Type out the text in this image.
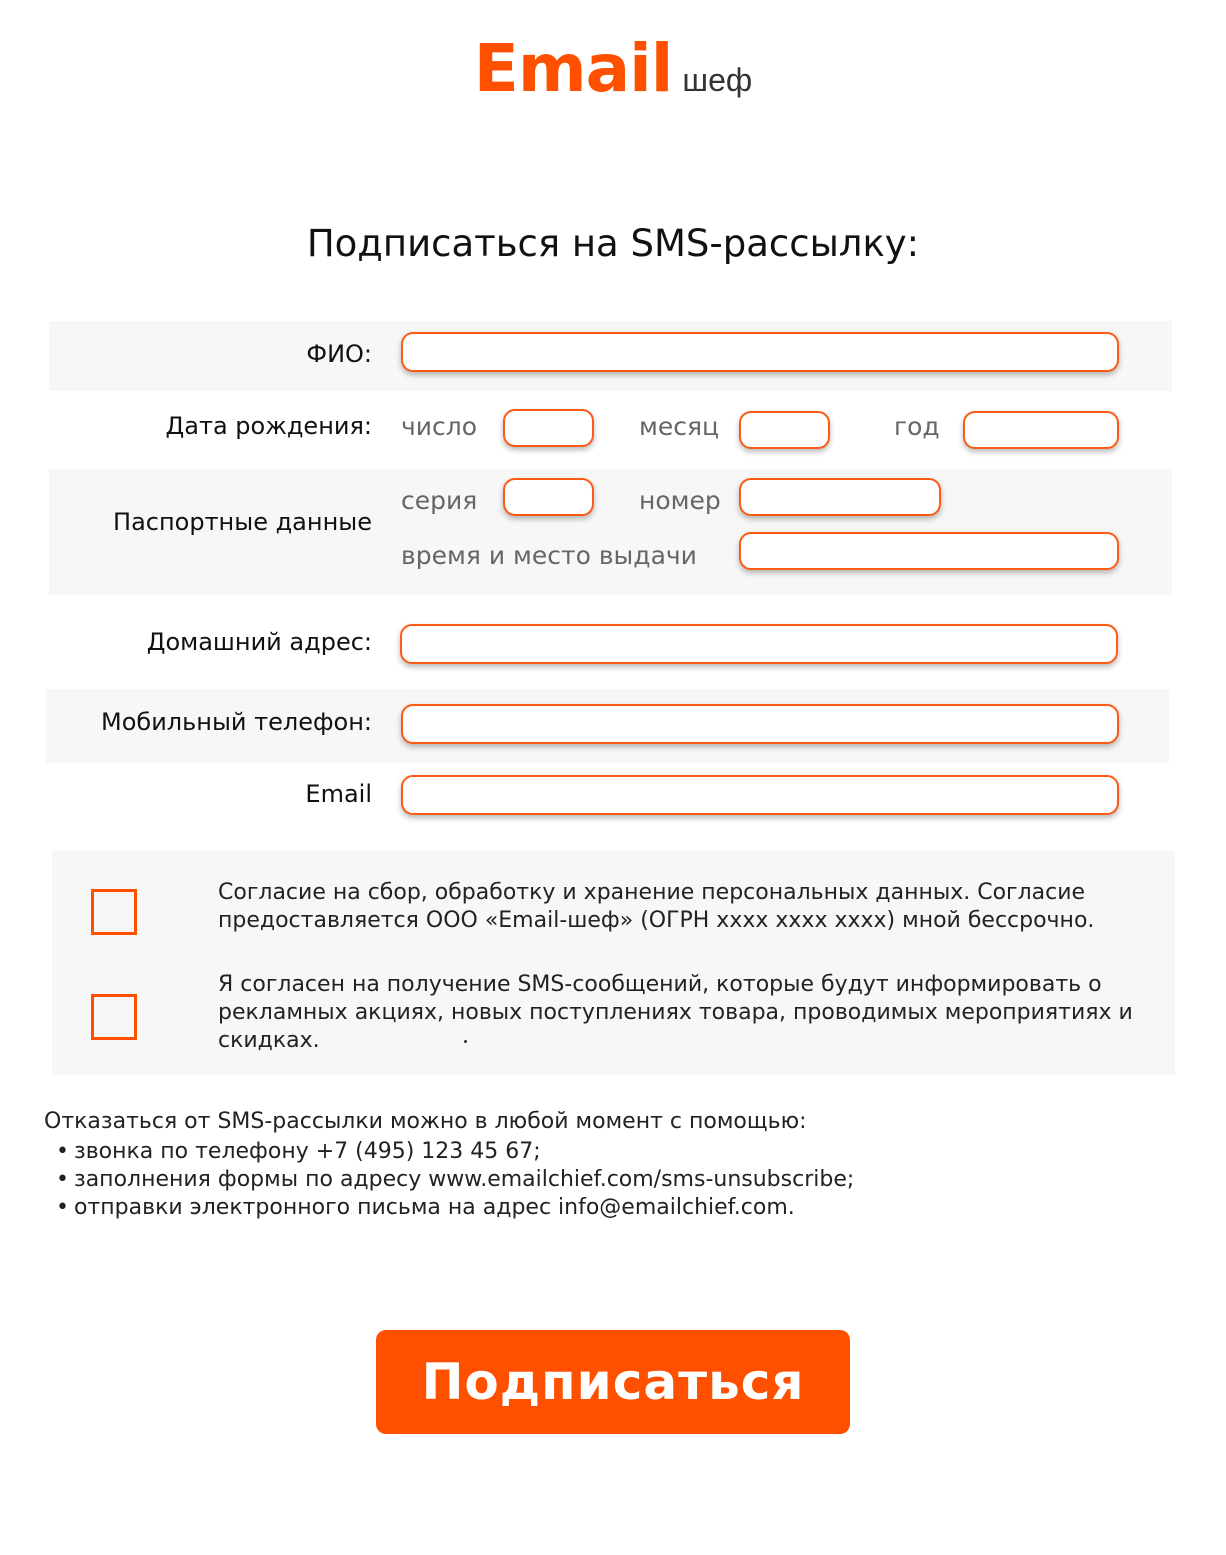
Email шеф
Подписаться на SMS-рассылку:
ФИО:
Дата рождения: число	месяц	год
Паспортные данные
серия	номер
время и место выдачи
Домашний адрес:
Мобильный телефон:
Email
Согласие на сбор, обработку и хранение персональных данных. Согласие предоставляется ООО «Email-шеф» (ОГРН хххх хххх хххх) мной бессрочно.
Я согласен на получение SMS-сообщений, которые будут информировать о рекламных акциях, новых поступлениях товара, проводимых мероприятиях и скидках.
Отказаться от SMS-рассылки можно в любой момент с помощью:
• звонка по телефону +7 (495) 123 45 67;
• заполнения формы по адресу www.emailchief.com/sms-unsubscribe;
• отправки электронного письма на адрес info@emailchief.com.
Подписаться
